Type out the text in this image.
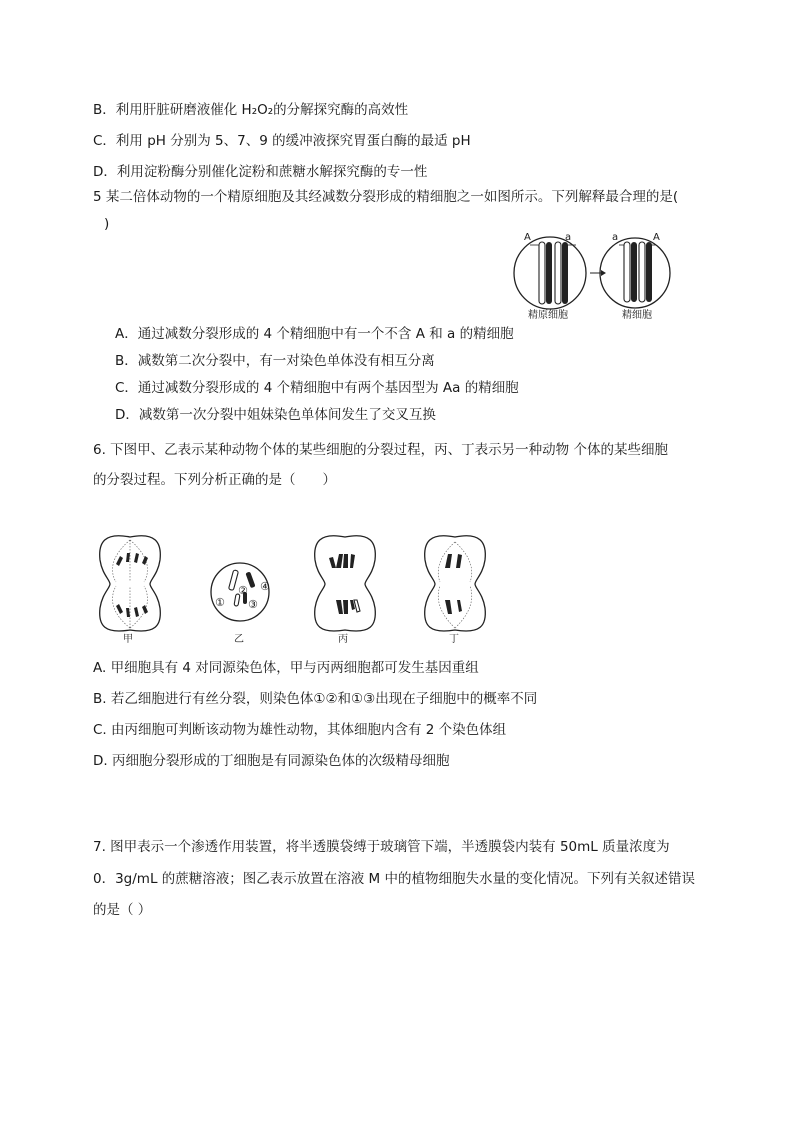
B．利用肝脏研磨液催化 H₂O₂的分解探究酶的高效性
C．利用 pH 分别为 5、7、9 的缓冲液探究胃蛋白酶的最适 pH
D．利用淀粉酶分别催化淀粉和蔗糖水解探究酶的专一性
5 某二倍体动物的一个精原细胞及其经减数分裂形成的精细胞之一如图所示。下列解释最合理的是(
)
A	a	a	A
精原细胞	精细胞
A．通过减数分裂形成的 4 个精细胞中有一个不含 A 和 a 的精细胞
B．减数第二次分裂中，有一对染色单体没有相互分离
C．通过减数分裂形成的 4 个精细胞中有两个基因型为 Aa 的精细胞
D．减数第一次分裂中姐妹染色单体间发生了交叉互换
6. 下图甲、乙表示某种动物个体的某些细胞的分裂过程，丙、丁表示另一种动物 个体的某些细胞
的分裂过程。下列分析正确的是（　　）
①
②
③
④
甲	乙	丙	丁
A. 甲细胞具有 4 对同源染色体，甲与丙两细胞都可发生基因重组
B. 若乙细胞进行有丝分裂，则染色体①②和①③出现在子细胞中的概率不同
C. 由丙细胞可判断该动物为雄性动物，其体细胞内含有 2 个染色体组
D. 丙细胞分裂形成的丁细胞是有同源染色体的次级精母细胞
7. 图甲表示一个渗透作用装置，将半透膜袋缚于玻璃管下端，半透膜袋内装有 50mL 质量浓度为
0．3g/mL 的蔗糖溶液；图乙表示放置在溶液 M 中的植物细胞失水量的变化情况。下列有关叙述错误
的是（ ）
